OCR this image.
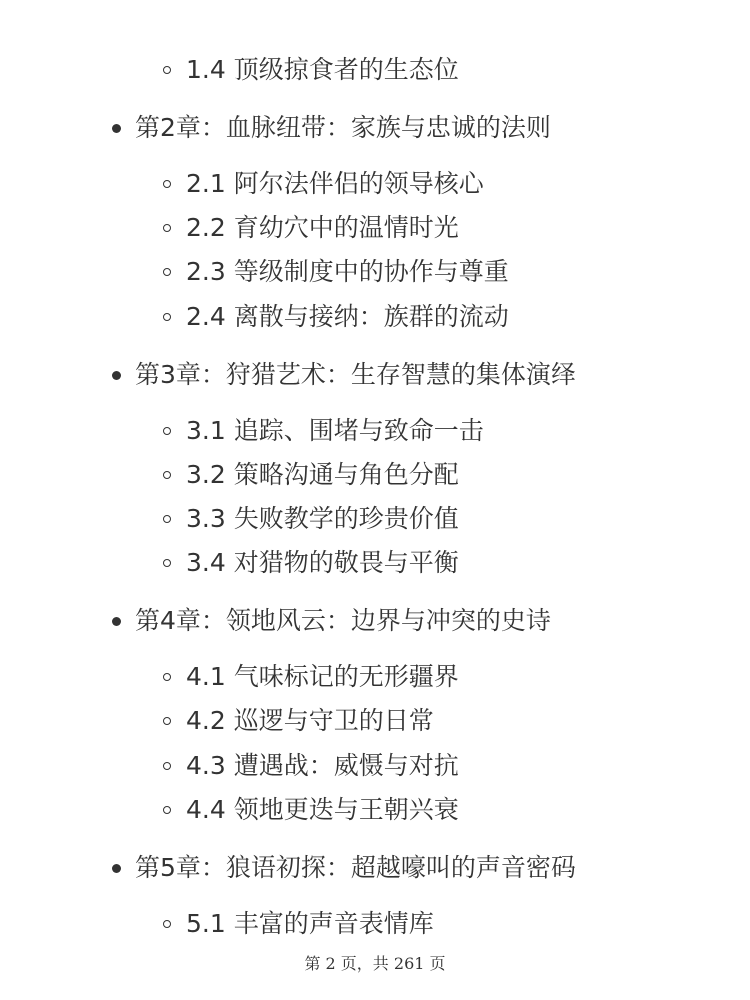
1.4 顶级掠食者的生态位
第2章：血脉纽带：家族与忠诚的法则
2.1 阿尔法伴侣的领导核心
2.2 育幼穴中的温情时光
2.3 等级制度中的协作与尊重
2.4 离散与接纳：族群的流动
第3章：狩猎艺术：生存智慧的集体演绎
3.1 追踪、围堵与致命一击
3.2 策略沟通与角色分配
3.3 失败教学的珍贵价值
3.4 对猎物的敬畏与平衡
第4章：领地风云：边界与冲突的史诗
4.1 气味标记的无形疆界
4.2 巡逻与守卫的日常
4.3 遭遇战：威慑与对抗
4.4 领地更迭与王朝兴衰
第5章：狼语初探：超越嚎叫的声音密码
5.1 丰富的声音表情库
第 2 页，共 261 页
